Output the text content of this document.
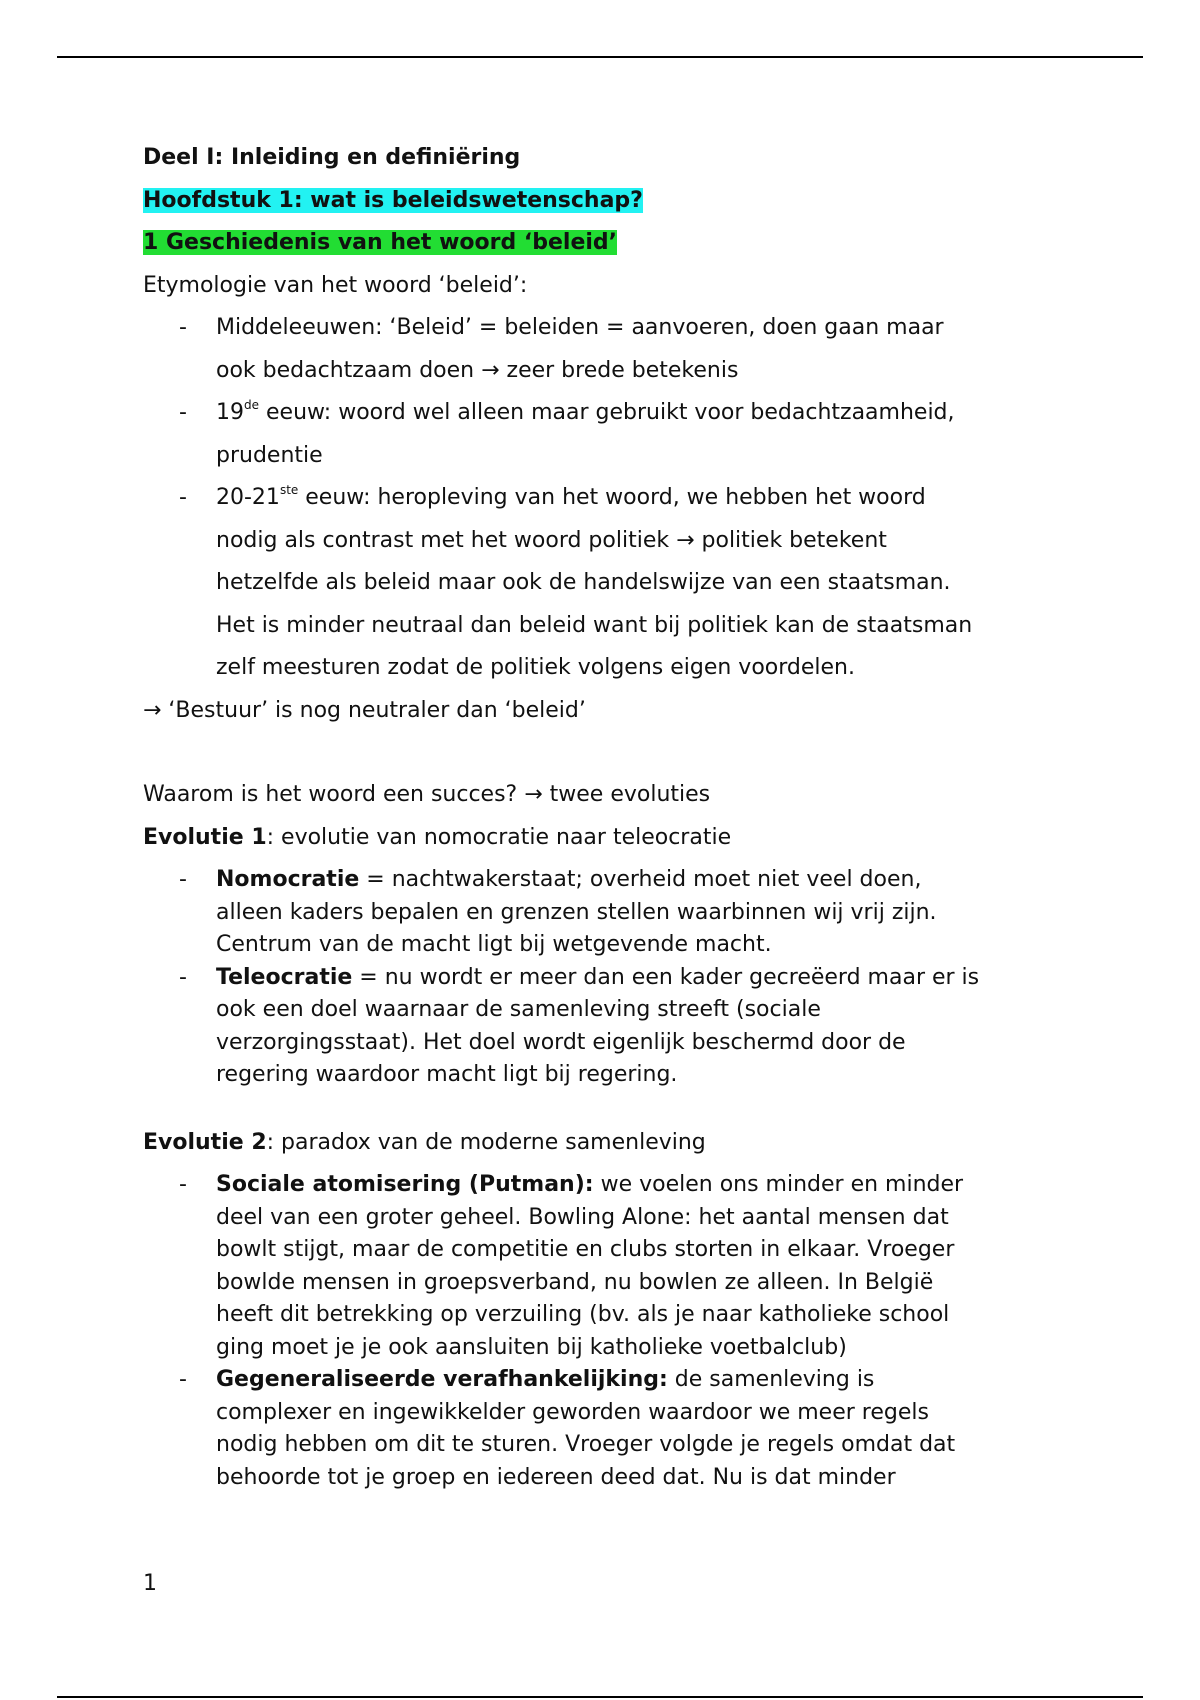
Deel I: Inleiding en definiëring
Hoofdstuk 1: wat is beleidswetenschap?
1 Geschiedenis van het woord ‘beleid’
Etymologie van het woord ‘beleid’:
- Middeleeuwen: ‘Beleid’ = beleiden = aanvoeren, doen gaan maar
ook bedachtzaam doen → zeer brede betekenis
- 19de eeuw: woord wel alleen maar gebruikt voor bedachtzaamheid,
prudentie
- 20-21ste eeuw: heropleving van het woord, we hebben het woord
nodig als contrast met het woord politiek → politiek betekent
hetzelfde als beleid maar ook de handelswijze van een staatsman.
Het is minder neutraal dan beleid want bij politiek kan de staatsman
zelf meesturen zodat de politiek volgens eigen voordelen.
→ ‘Bestuur’ is nog neutraler dan ‘beleid’
Waarom is het woord een succes? → twee evoluties
Evolutie 1: evolutie van nomocratie naar teleocratie
- Nomocratie = nachtwakerstaat; overheid moet niet veel doen,
alleen kaders bepalen en grenzen stellen waarbinnen wij vrij zijn.
Centrum van de macht ligt bij wetgevende macht.
- Teleocratie = nu wordt er meer dan een kader gecreëerd maar er is
ook een doel waarnaar de samenleving streeft (sociale
verzorgingsstaat). Het doel wordt eigenlijk beschermd door de
regering waardoor macht ligt bij regering.
Evolutie 2: paradox van de moderne samenleving
- Sociale atomisering (Putman): we voelen ons minder en minder
deel van een groter geheel. Bowling Alone: het aantal mensen dat
bowlt stijgt, maar de competitie en clubs storten in elkaar. Vroeger
bowlde mensen in groepsverband, nu bowlen ze alleen. In België
heeft dit betrekking op verzuiling (bv. als je naar katholieke school
ging moet je je ook aansluiten bij katholieke voetbalclub)
- Gegeneraliseerde verafhankelijking: de samenleving is
complexer en ingewikkelder geworden waardoor we meer regels
nodig hebben om dit te sturen. Vroeger volgde je regels omdat dat
behoorde tot je groep en iedereen deed dat. Nu is dat minder
1
